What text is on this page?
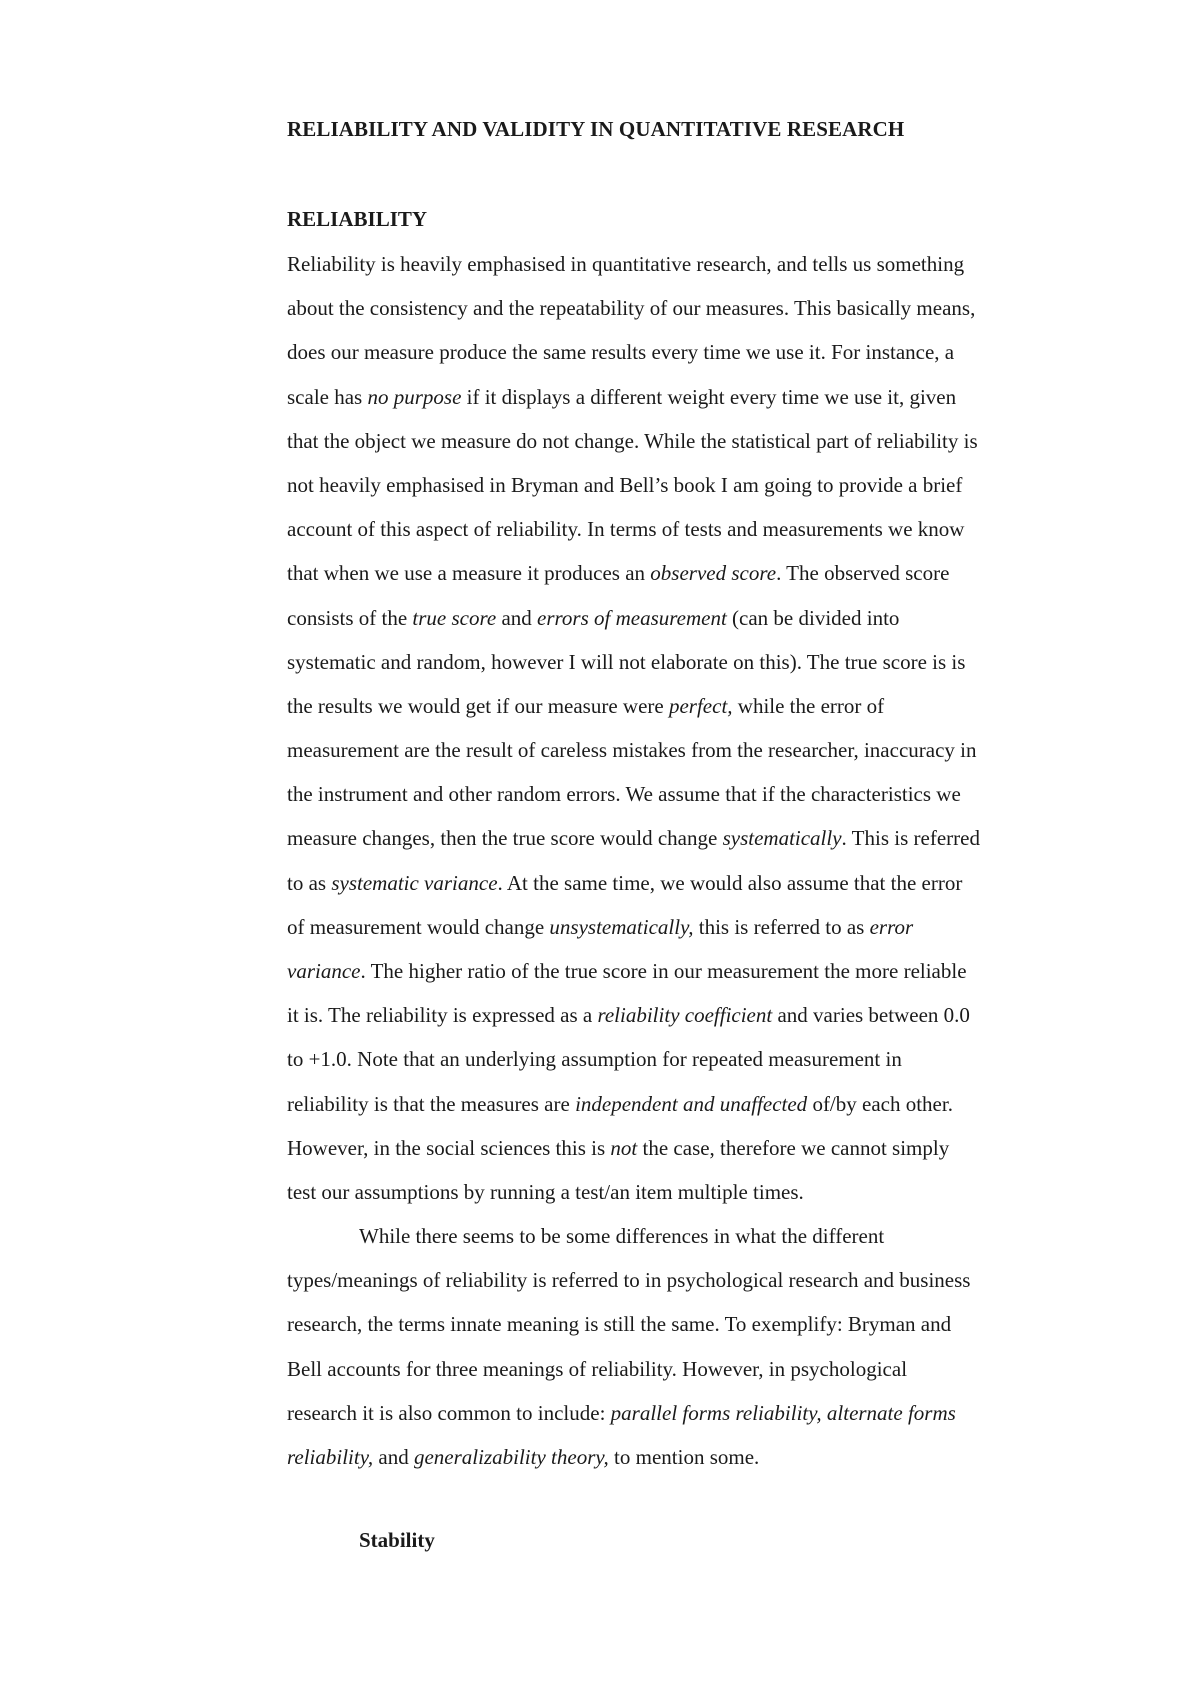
RELIABILITY AND VALIDITY IN QUANTITATIVE RESEARCH
RELIABILITY
Reliability is heavily emphasised in quantitative research, and tells us something
about the consistency and the repeatability of our measures. This basically means,
does our measure produce the same results every time we use it. For instance, a
scale has no purpose if it displays a different weight every time we use it, given
that the object we measure do not change. While the statistical part of reliability is
not heavily emphasised in Bryman and Bell’s book I am going to provide a brief
account of this aspect of reliability. In terms of tests and measurements we know
that when we use a measure it produces an observed score. The observed score
consists of the true score and errors of measurement (can be divided into
systematic and random, however I will not elaborate on this). The true score is is
the results we would get if our measure were perfect, while the error of
measurement are the result of careless mistakes from the researcher, inaccuracy in
the instrument and other random errors. We assume that if the characteristics we
measure changes, then the true score would change systematically. This is referred
to as systematic variance. At the same time, we would also assume that the error
of measurement would change unsystematically, this is referred to as error
variance. The higher ratio of the true score in our measurement the more reliable
it is. The reliability is expressed as a reliability coefficient and varies between 0.0
to +1.0. Note that an underlying assumption for repeated measurement in
reliability is that the measures are independent and unaffected of/by each other.
However, in the social sciences this is not the case, therefore we cannot simply
test our assumptions by running a test/an item multiple times.
While there seems to be some differences in what the different
types/meanings of reliability is referred to in psychological research and business
research, the terms innate meaning is still the same. To exemplify: Bryman and
Bell accounts for three meanings of reliability. However, in psychological
research it is also common to include: parallel forms reliability, alternate forms
reliability, and generalizability theory, to mention some.
Stability
